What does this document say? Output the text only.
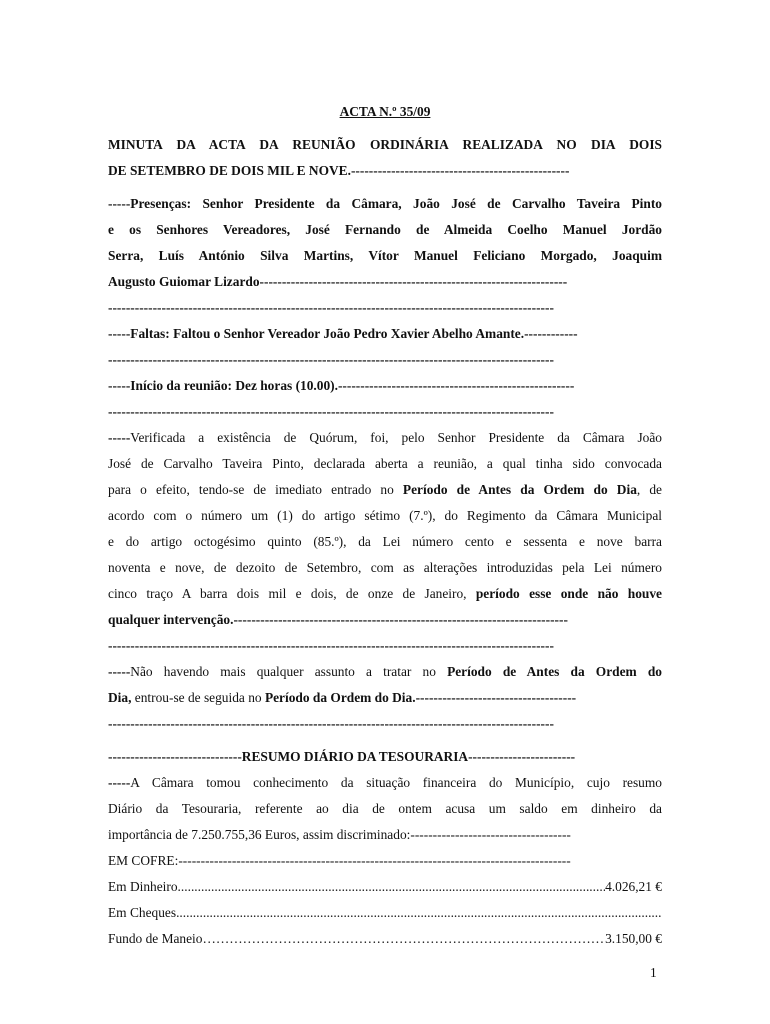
ACTA N.º 35/09
MINUTA DA ACTA DA REUNIÃO ORDINÁRIA REALIZADA NO DIA DOIS
DE SETEMBRO DE DOIS MIL E NOVE.-------------------------------------------------
-----Presenças: Senhor Presidente da Câmara, João José de Carvalho Taveira Pinto
e os Senhores Vereadores, José Fernando de Almeida Coelho Manuel Jordão
Serra, Luís António Silva Martins, Vítor Manuel Feliciano Morgado, Joaquim
Augusto Guiomar Lizardo---------------------------------------------------------------------
----------------------------------------------------------------------------------------------------
-----Faltas: Faltou o Senhor Vereador João Pedro Xavier Abelho Amante.------------
----------------------------------------------------------------------------------------------------
-----Início da reunião: Dez horas (10.00).-----------------------------------------------------
----------------------------------------------------------------------------------------------------
-----Verificada a existência de Quórum, foi, pelo Senhor Presidente da Câmara João
José de Carvalho Taveira Pinto, declarada aberta a reunião, a qual tinha sido convocada
para o efeito, tendo-se de imediato entrado no Período de Antes da Ordem do Dia, de
acordo com o número um (1) do artigo sétimo (7.º), do Regimento da Câmara Municipal
e do artigo octogésimo quinto (85.º), da Lei número cento e sessenta e nove barra
noventa e nove, de dezoito de Setembro, com as alterações introduzidas pela Lei número
cinco traço A barra dois mil e dois, de onze de Janeiro, período esse onde não houve
qualquer intervenção.---------------------------------------------------------------------------
----------------------------------------------------------------------------------------------------
-----Não havendo mais qualquer assunto a tratar no Período de Antes da Ordem do
Dia, entrou-se de seguida no Período da Ordem do Dia.------------------------------------
----------------------------------------------------------------------------------------------------
------------------------------RESUMO DIÁRIO DA TESOURARIA------------------------
-----A Câmara tomou conhecimento da situação financeira do Município, cujo resumo
Diário da Tesouraria, referente ao dia de ontem acusa um saldo em dinheiro da
importância de 7.250.755,36 Euros, assim discriminado:------------------------------------
EM COFRE:----------------------------------------------------------------------------------------
Em Dinheiro .....	4.026,21 €
Em Cheques
.....
Fundo de Maneio ……………………………………………………………………………………………………………………………	3.150,00 €
1
